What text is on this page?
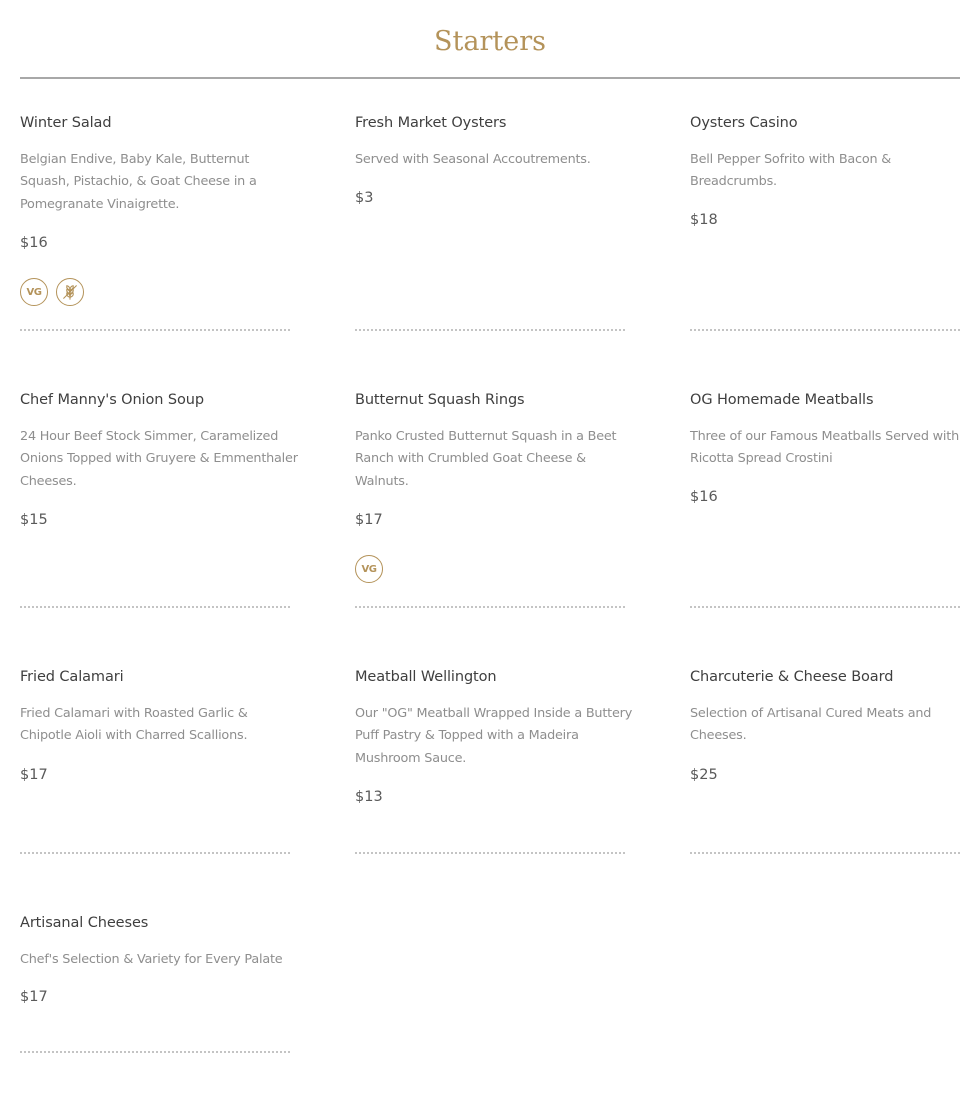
Starters
Winter Salad
Belgian Endive, Baby Kale, Butternut Squash, Pistachio, & Goat Cheese in a Pomegranate Vinaigrette.
$16
VG
Fresh Market Oysters
Served with Seasonal Accoutrements.
$3
Oysters Casino
Bell Pepper Sofrito with Bacon & Breadcrumbs.
$18
Chef Manny's Onion Soup
24 Hour Beef Stock Simmer, Caramelized Onions Topped with Gruyere & Emmenthaler Cheeses.
$15
Butternut Squash Rings
Panko Crusted Butternut Squash in a Beet Ranch with Crumbled Goat Cheese & Walnuts.
$17
VG
OG Homemade Meatballs
Three of our Famous Meatballs Served with Ricotta Spread Crostini
$16
Fried Calamari
Fried Calamari with Roasted Garlic & Chipotle Aioli with Charred Scallions.
$17
Meatball Wellington
Our "OG" Meatball Wrapped Inside a Buttery Puff Pastry & Topped with a Madeira Mushroom Sauce.
$13
Charcuterie & Cheese Board
Selection of Artisanal Cured Meats and Cheeses.
$25
Artisanal Cheeses
Chef's Selection & Variety for Every Palate
$17
